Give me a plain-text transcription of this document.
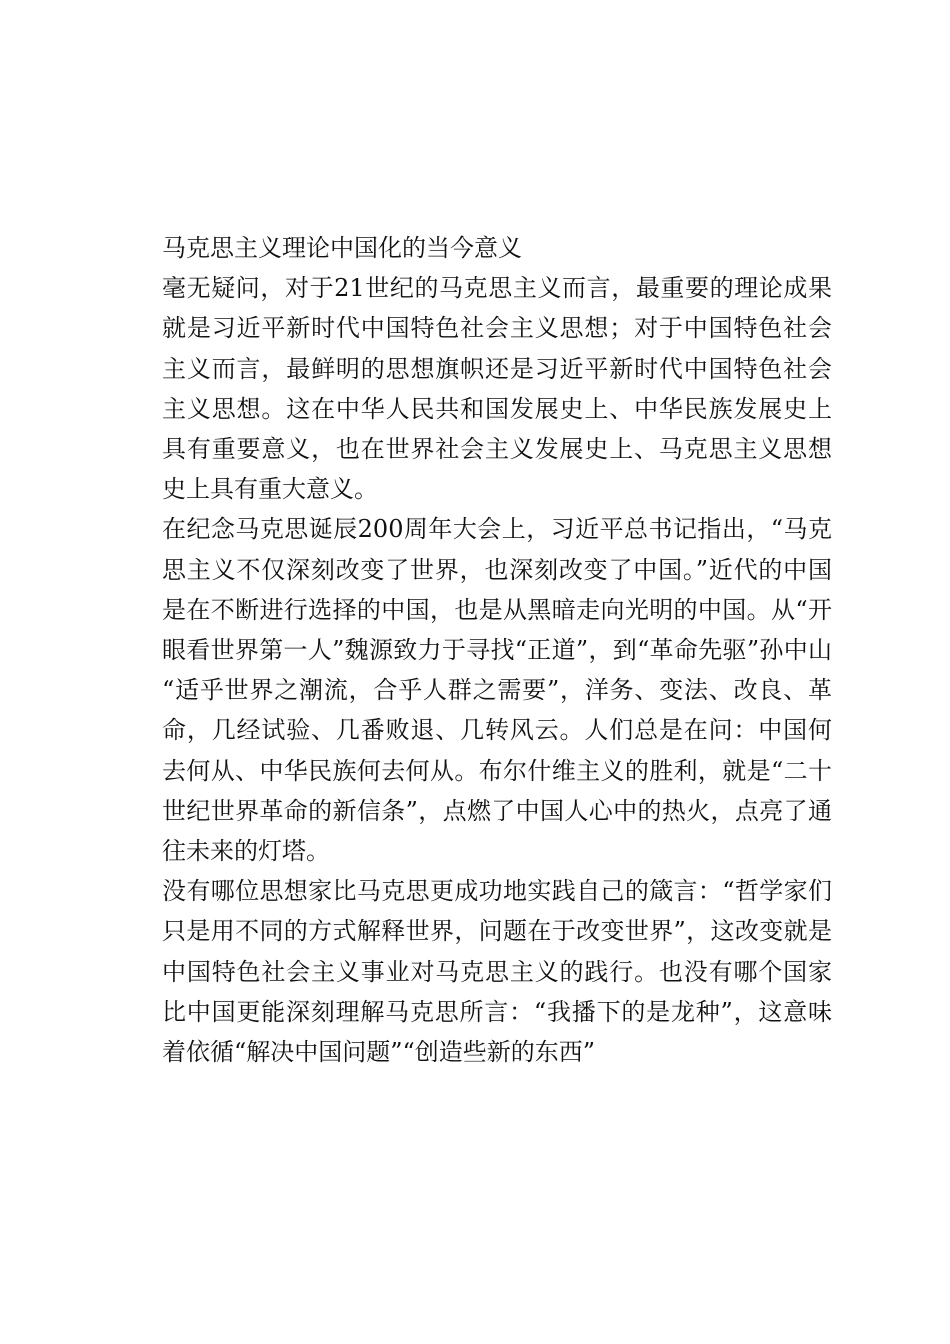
马克思主义理论中国化的当今意义

毫无疑问，对于21世纪的马克思主义而言，最重要的理论成果就是习近平新时代中国特色社会主义思想；对于中国特色社会主义而言，最鲜明的思想旗帜还是习近平新时代中国特色社会主义思想。这在中华人民共和国发展史上、中华民族发展史上具有重要意义，也在世界社会主义发展史上、马克思主义思想史上具有重大意义。

在纪念马克思诞辰200周年大会上，习近平总书记指出，“马克思主义不仅深刻改变了世界，也深刻改变了中国。”近代的中国是在不断进行选择的中国，也是从黑暗走向光明的中国。从“开眼看世界第一人”魏源致力于寻找“正道”，到“革命先驱”孙中山“适乎世界之潮流，合乎人群之需要”，洋务、变法、改良、革命，几经试验、几番败退、几转风云。人们总是在问：中国何去何从、中华民族何去何从。布尔什维主义的胜利，就是“二十世纪世界革命的新信条”，点燃了中国人心中的热火，点亮了通往未来的灯塔。

没有哪位思想家比马克思更成功地实践自己的箴言：“哲学家们只是用不同的方式解释世界，问题在于改变世界”，这改变就是中国特色社会主义事业对马克思主义的践行。也没有哪个国家比中国更能深刻理解马克思所言：“我播下的是龙种”，这意味着依循“解决中国问题”“创造些新的东西”
